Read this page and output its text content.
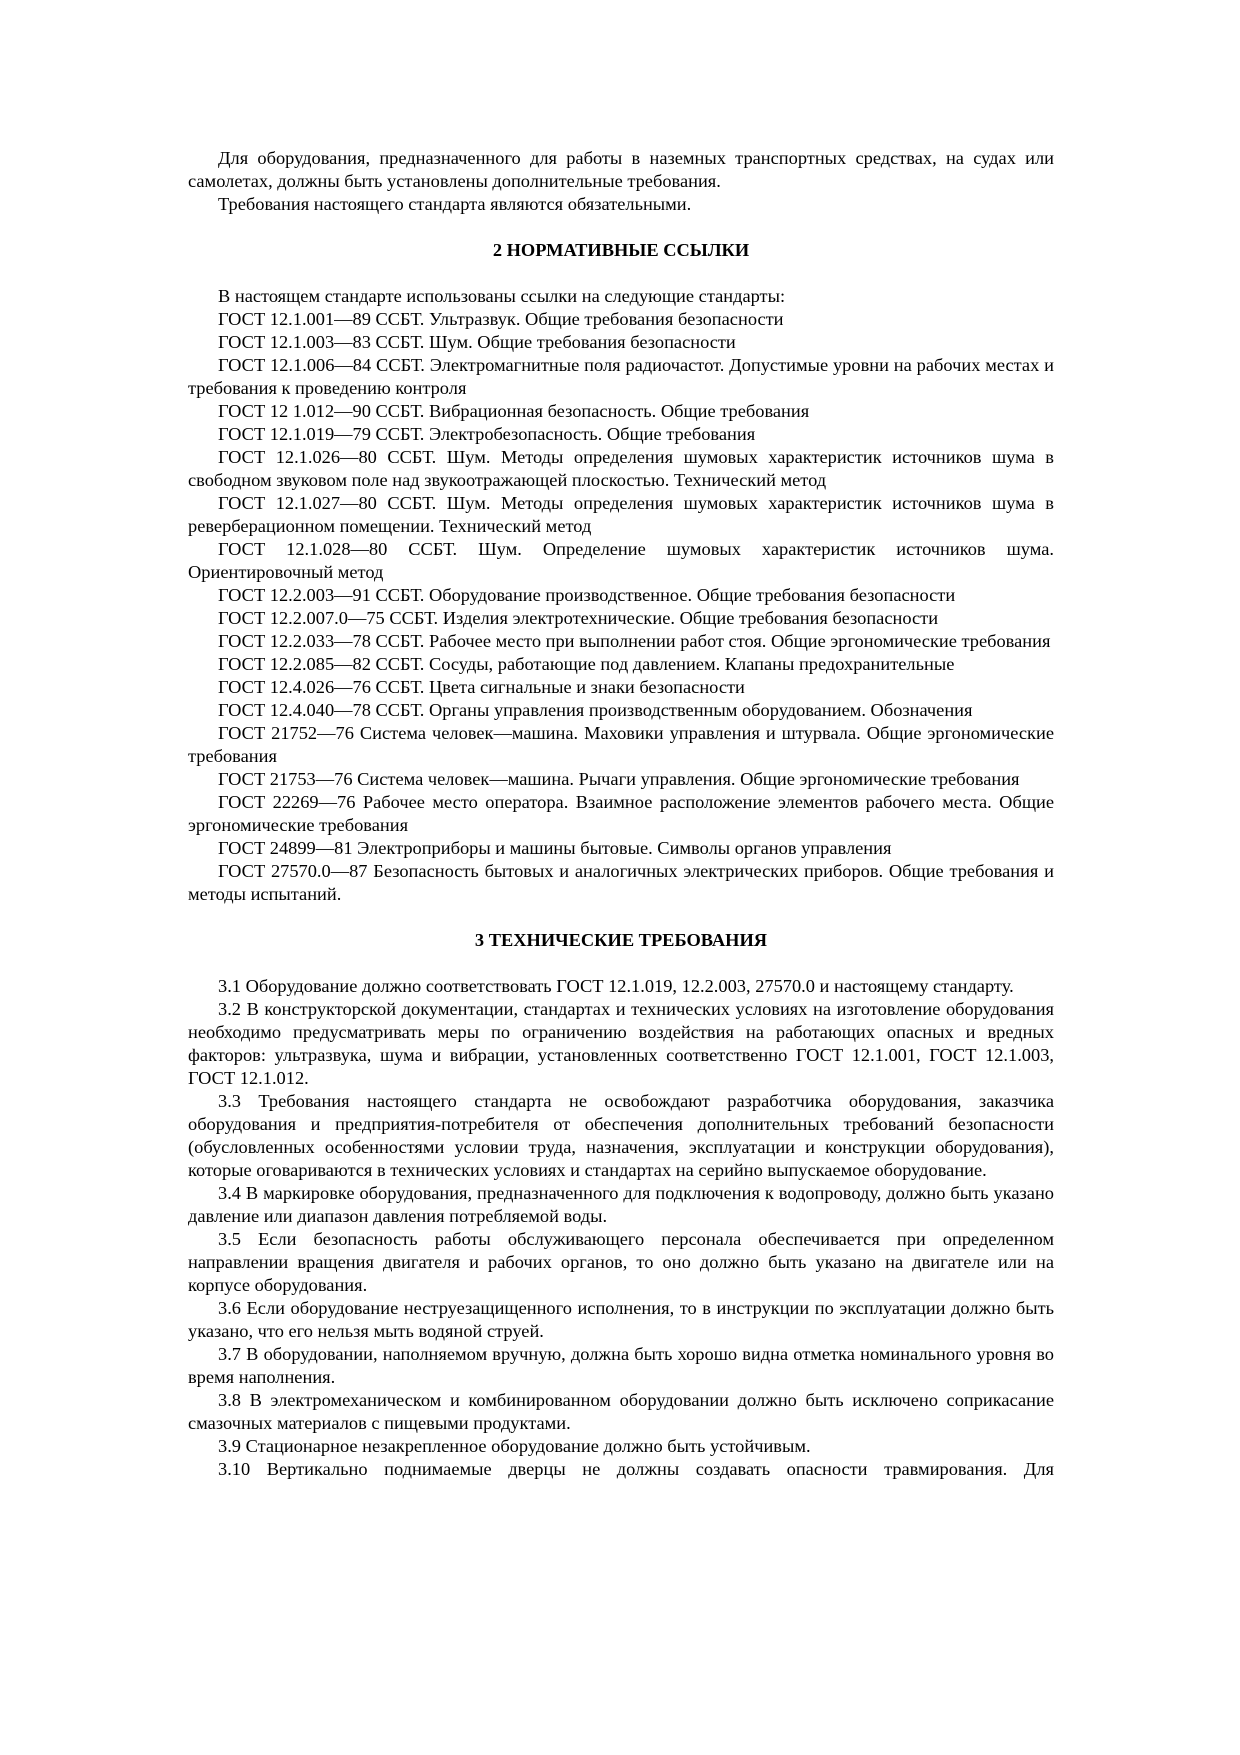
Для оборудования, предназначенного для работы в наземных транспортных средствах, на судах или самолетах, должны быть установлены дополнительные требования.

Требования настоящего стандарта являются обязательными.

2 НОРМАТИВНЫЕ ССЫЛКИ

В настоящем стандарте использованы ссылки на следующие стандарты:

ГОСТ 12.1.001—89 ССБТ. Ультразвук. Общие требования безопасности

ГОСТ 12.1.003—83 ССБТ. Шум. Общие требования безопасности

ГОСТ 12.1.006—84 ССБТ. Электромагнитные поля радиочастот. Допустимые уровни на рабочих местах и требования к проведению контроля

ГОСТ 12 1.012—90 ССБТ. Вибрационная безопасность. Общие требования

ГОСТ 12.1.019—79 ССБТ. Электробезопасность. Общие требования

ГОСТ 12.1.026—80 ССБТ. Шум. Методы определения шумовых характеристик источников шума в свободном звуковом поле над звукоотражающей плоскостью. Технический метод

ГОСТ 12.1.027—80 ССБТ. Шум. Методы определения шумовых характеристик источников шума в реверберационном помещении. Технический метод

ГОСТ 12.1.028—80 ССБТ. Шум. Определение шумовых характеристик источников шума. Ориентировочный метод

ГОСТ 12.2.003—91 ССБТ. Оборудование производственное. Общие требования безопасности

ГОСТ 12.2.007.0—75 ССБТ. Изделия электротехнические. Общие требования безопасности

ГОСТ 12.2.033—78 ССБТ. Рабочее место при выполнении работ стоя. Общие эргономические требования

ГОСТ 12.2.085—82 ССБТ. Сосуды, работающие под давлением. Клапаны предохранительные

ГОСТ 12.4.026—76 ССБТ. Цвета сигнальные и знаки безопасности

ГОСТ 12.4.040—78 ССБТ. Органы управления производственным оборудованием. Обозначения

ГОСТ 21752—76 Система человек—машина. Маховики управления и штурвала. Общие эргономические требования

ГОСТ 21753—76 Система человек—машина. Рычаги управления. Общие эргономические требования

ГОСТ 22269—76 Рабочее место оператора. Взаимное расположение элементов рабочего места. Общие эргономические требования

ГОСТ 24899—81 Электроприборы и машины бытовые. Символы органов управления

ГОСТ 27570.0—87 Безопасность бытовых и аналогичных электрических приборов. Общие требования и методы испытаний.

3 ТЕХНИЧЕСКИЕ ТРЕБОВАНИЯ

3.1 Оборудование должно соответствовать ГОСТ 12.1.019, 12.2.003, 27570.0 и настоящему стандарту.

3.2 В конструкторской документации, стандартах и технических условиях на изготовление оборудования необходимо предусматривать меры по ограничению воздействия на работающих опасных и вредных факторов: ультразвука, шума и вибрации, установленных соответственно ГОСТ 12.1.001, ГОСТ 12.1.003, ГОСТ 12.1.012.

3.3 Требования настоящего стандарта не освобождают разработчика оборудования, заказчика оборудования и предприятия-потребителя от обеспечения дополнительных требований безопасности (обусловленных особенностями условии труда, назначения, эксплуатации и конструкции оборудования), которые оговариваются в технических условиях и стандартах на серийно выпускаемое оборудование.

3.4 В маркировке оборудования, предназначенного для подключения к водопроводу, должно быть указано давление или диапазон давления потребляемой воды.

3.5 Если безопасность работы обслуживающего персонала обеспечивается при определенном направлении вращения двигателя и рабочих органов, то оно должно быть указано на двигателе или на корпусе оборудования.

3.6 Если оборудование неструезащищенного исполнения, то в инструкции по эксплуатации должно быть указано, что его нельзя мыть водяной струей.

3.7 В оборудовании, наполняемом вручную, должна быть хорошо видна отметка номинального уровня во время наполнения.

3.8 В электромеханическом и комбинированном оборудовании должно быть исключено соприкасание смазочных материалов с пищевыми продуктами.

3.9 Стационарное незакрепленное оборудование должно быть устойчивым.

3.10 Вертикально поднимаемые дверцы не должны создавать опасности травмирования. Для
